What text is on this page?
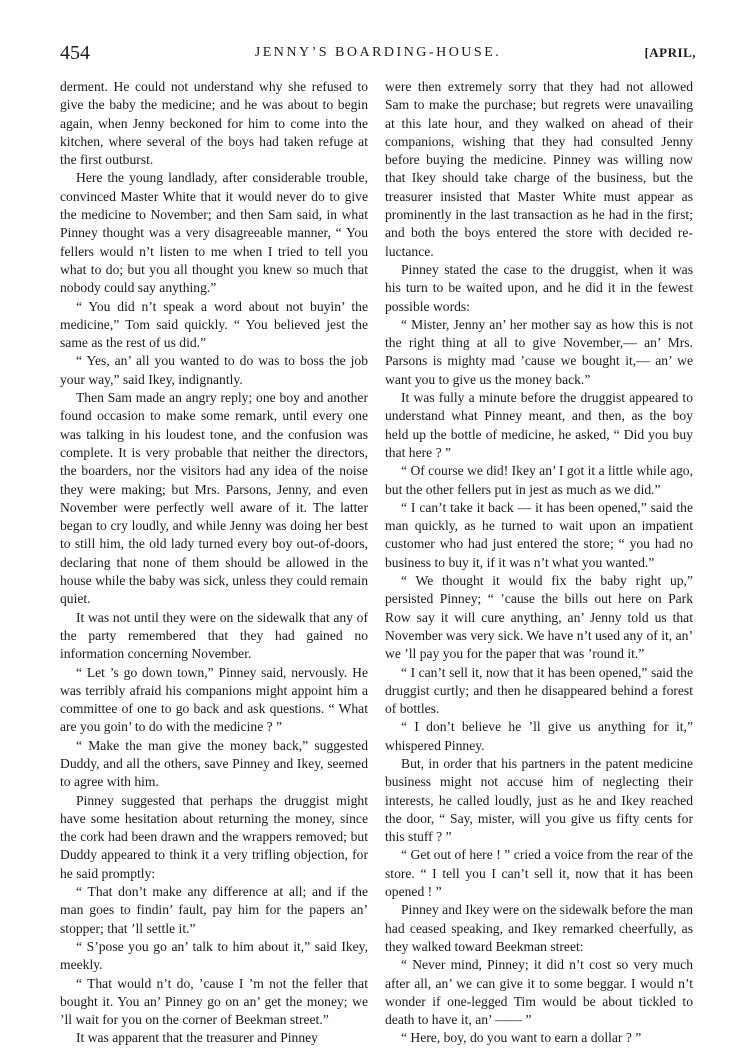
454	JENNY’S BOARDING-HOUSE.	[APRIL,

derment. He could not understand why she refused to give the baby the medicine; and he was about to begin again, when Jenny beckoned for him to come into the kitchen, where several of the boys had taken refuge at the first outburst.

Here the young landlady, after considerable trouble, convinced Master White that it would never do to give the medicine to November; and then Sam said, in what Pinney thought was a very disagreeable manner, “ You fellers would n’t listen to me when I tried to tell you what to do; but you all thought you knew so much that nobody could say anything.”

“ You did n’t speak a word about not buyin’ the medicine,” Tom said quickly. “ You believed jest the same as the rest of us did.”

“ Yes, an’ all you wanted to do was to boss the job your way,” said Ikey, indignantly.

Then Sam made an angry reply; one boy and another found occasion to make some remark, until every one was talking in his loudest tone, and the confusion was complete. It is very probable that neither the directors, the boarders, nor the visitors had any idea of the noise they were making; but Mrs. Parsons, Jenny, and even November were perfectly well aware of it. The latter began to cry loudly, and while Jenny was doing her best to still him, the old lady turned every boy out-of-doors, declaring that none of them should be allowed in the house while the baby was sick, unless they could remain quiet.

It was not until they were on the sidewalk that any of the party remembered that they had gained no information concerning November.

“ Let ’s go down town,” Pinney said, nervously. He was terribly afraid his companions might appoint him a committee of one to go back and ask questions. “ What are you goin’ to do with the medicine ? ”

“ Make the man give the money back,” suggested Duddy, and all the others, save Pinney and Ikey, seemed to agree with him.

Pinney suggested that perhaps the druggist might have some hesitation about returning the money, since the cork had been drawn and the wrappers removed; but Duddy appeared to think it a very trifling objection, for he said promptly:

“ That don’t make any difference at all; and if the man goes to findin’ fault, pay him for the papers an’ stopper; that ’ll settle it.”

“ S’pose you go an’ talk to him about it,” said Ikey, meekly.

“ That would n’t do, ’cause I ’m not the feller that bought it. You an’ Pinney go on an’ get the money; we ’ll wait for you on the corner of Beekman street.”

It was apparent that the treasurer and Pinney

were then extremely sorry that they had not allowed Sam to make the purchase; but regrets were unavailing at this late hour, and they walked on ahead of their companions, wishing that they had consulted Jenny before buying the medicine. Pinney was willing now that Ikey should take charge of the business, but the treasurer insisted that Master White must appear as prominently in the last transaction as he had in the first; and both the boys entered the store with decided reluctance.

Pinney stated the case to the druggist, when it was his turn to be waited upon, and he did it in the fewest possible words:

“ Mister, Jenny an’ her mother say as how this is not the right thing at all to give November,— an’ Mrs. Parsons is mighty mad ’cause we bought it,— an’ we want you to give us the money back.”

It was fully a minute before the druggist appeared to understand what Pinney meant, and then, as the boy held up the bottle of medicine, he asked, “ Did you buy that here ? ”

“ Of course we did! Ikey an’ I got it a little while ago, but the other fellers put in jest as much as we did.”

“ I can’t take it back — it has been opened,” said the man quickly, as he turned to wait upon an impatient customer who had just entered the store; “ you had no business to buy it, if it was n’t what you wanted.”

“ We thought it would fix the baby right up,” persisted Pinney; “ ’cause the bills out here on Park Row say it will cure anything, an’ Jenny told us that November was very sick. We have n’t used any of it, an’ we ’ll pay you for the paper that was ’round it.”

“ I can’t sell it, now that it has been opened,” said the druggist curtly; and then he disappeared behind a forest of bottles.

“ I don’t believe he ’ll give us anything for it,” whispered Pinney.

But, in order that his partners in the patent medicine business might not accuse him of neglecting their interests, he called loudly, just as he and Ikey reached the door, “ Say, mister, will you give us fifty cents for this stuff ? ”

“ Get out of here ! ” cried a voice from the rear of the store. “ I tell you I can’t sell it, now that it has been opened ! ”

Pinney and Ikey were on the sidewalk before the man had ceased speaking, and Ikey remarked cheerfully, as they walked toward Beekman street:

“ Never mind, Pinney; it did n’t cost so very much after all, an’ we can give it to some beggar. I would n’t wonder if one-legged Tim would be about tickled to death to have it, an’ —— ”

“ Here, boy, do you want to earn a dollar ? ”
